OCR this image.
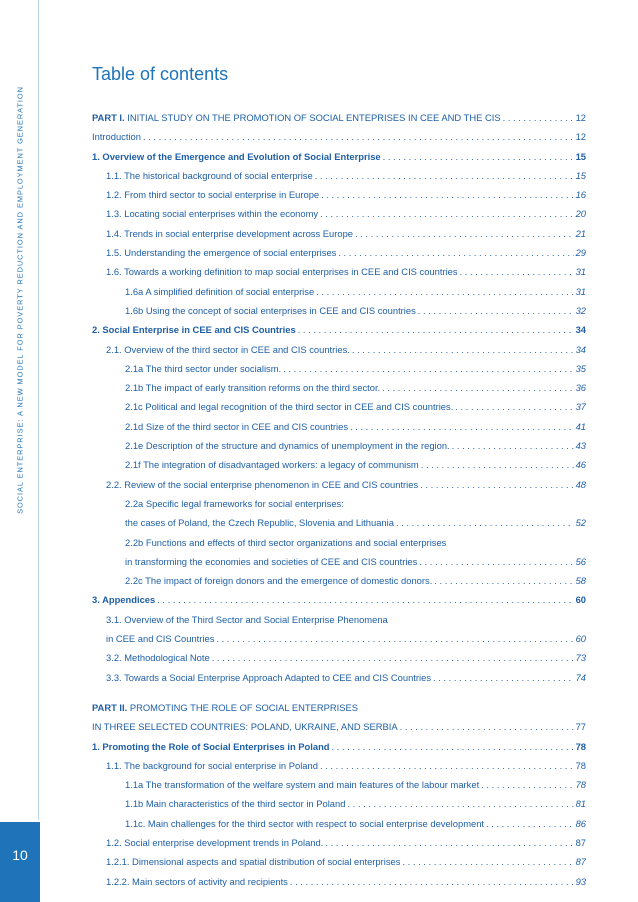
SOCIAL ENTERPRISE: A NEW MODEL FOR POVERTY REDUCTION AND EMPLOYMENT GENERATION
10
Table of contents
PART I. INITIAL STUDY ON THE PROMOTION OF SOCIAL ENTEPRISES IN CEE AND THE CIS . . .	12
Introduction . . .	12
1. Overview of the Emergence and Evolution of Social Enterprise . . .	15
1.1. The historical background of social enterprise . . .	15
1.2. From third sector to social enterprise in Europe . . .	16
1.3. Locating social enterprises within the economy . . .	20
1.4. Trends in social enterprise development across Europe . . .	21
1.5. Understanding the emergence of social enterprises . . .	29
1.6. Towards a working definition to map social enterprises in CEE and CIS countries . . .	31
1.6a A simplified definition of social enterprise . . .	31
1.6b Using the concept of social enterprises in CEE and CIS countries . . .	32
2. Social Enterprise in CEE and CIS Countries . . .	34
2.1. Overview of the third sector in CEE and CIS countries. . . .	34
2.1a The third sector under socialism. . . .	35
2.1b The impact of early transition reforms on the third sector. . . .	36
2.1c Political and legal recognition of the third sector in CEE and CIS countries. . . .	37
2.1d Size of the third sector in CEE and CIS countries . . .	41
2.1e Description of the structure and dynamics of unemployment in the region. . . .	43
2.1f The integration of disadvantaged workers: a legacy of communism . . .	46
2.2. Review of the social enterprise phenomenon in CEE and CIS countries . . .	48
2.2a Specific legal frameworks for social enterprises:
the cases of Poland, the Czech Republic, Slovenia and Lithuania . . .	52
2.2b Functions and effects of third sector organizations and social enterprises
in transforming the economies and societies of CEE and CIS countries . . .	56
2.2c The impact of foreign donors and the emergence of domestic donors. . . .	58
3. Appendices . . .	60
3.1. Overview of the Third Sector and Social Enterprise Phenomena
in CEE and CIS Countries . . .	60
3.2. Methodological Note . . .	73
3.3. Towards a Social Enterprise Approach Adapted to CEE and CIS Countries . . .	74
PART II. PROMOTING THE ROLE OF SOCIAL ENTERPRISES
IN THREE SELECTED COUNTRIES: POLAND, UKRAINE, AND SERBIA . . .	77
1. Promoting the Role of Social Enterprises in Poland . . .	78
1.1. The background for social enterprise in Poland . . .	78
1.1a The transformation of the welfare system and main features of the labour market . . .	78
1.1b Main characteristics of the third sector in Poland . . .	81
1.1c. Main challenges for the third sector with respect to social enterprise development . . .	86
1.2. Social enterprise development trends in Poland. . . .	87
1.2.1. Dimensional aspects and spatial distribution of social enterprises . . .	87
1.2.2. Main sectors of activity and recipients . . .	93
